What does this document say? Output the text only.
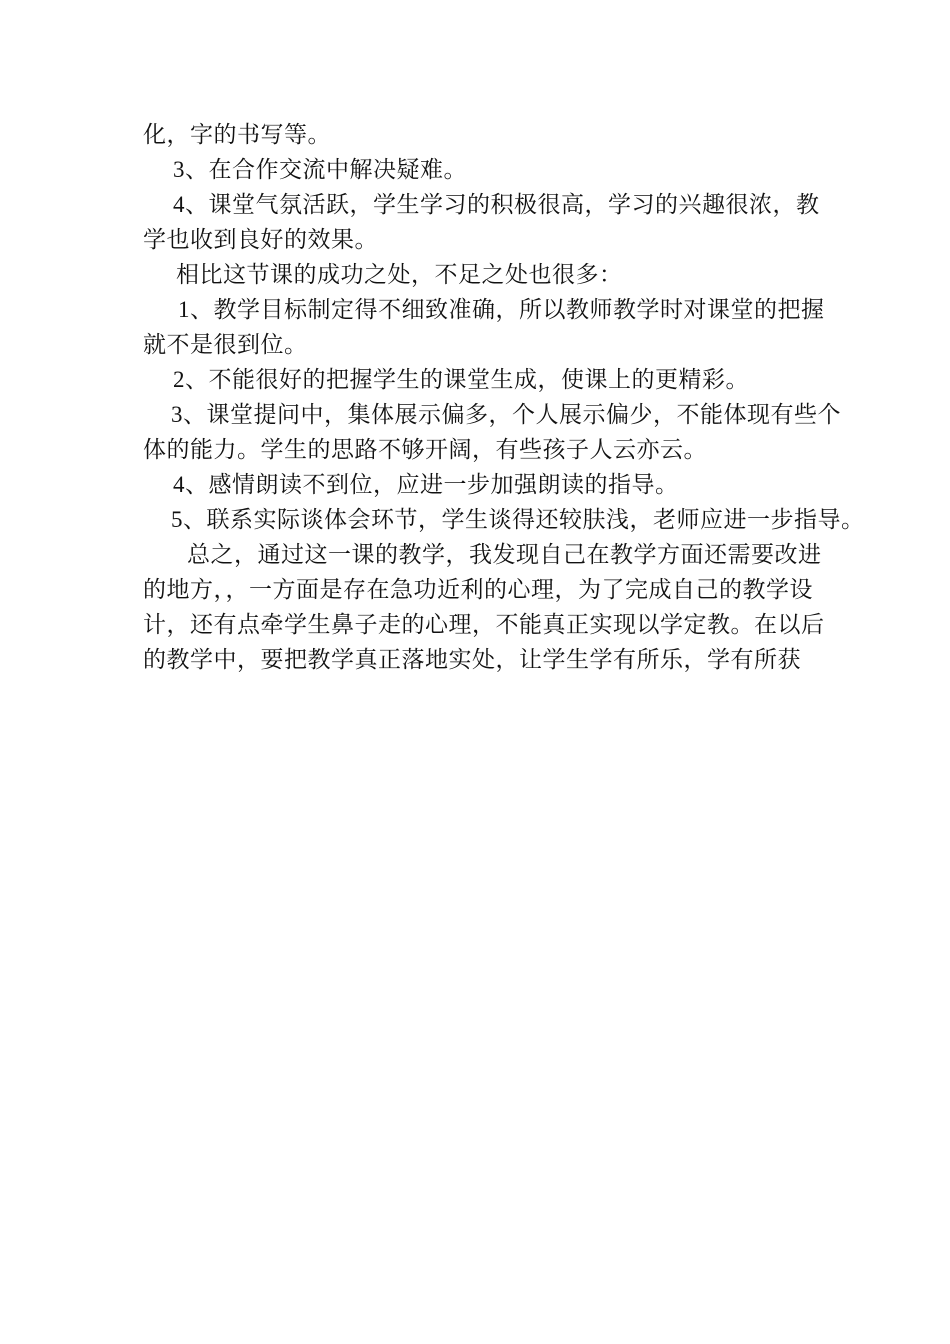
化，字的书写等。
3、在合作交流中解决疑难。
4、课堂气氛活跃，学生学习的积极很高，学习的兴趣很浓，教
学也收到良好的效果。
相比这节课的成功之处，不足之处也很多：
1、教学目标制定得不细致准确，所以教师教学时对课堂的把握
就不是很到位。
2、不能很好的把握学生的课堂生成，使课上的更精彩。
3、课堂提问中，集体展示偏多，个人展示偏少，不能体现有些个
体的能力。学生的思路不够开阔，有些孩子人云亦云。
4、感情朗读不到位，应进一步加强朗读的指导。
5、联系实际谈体会环节，学生谈得还较肤浅，老师应进一步指导。
总之，通过这一课的教学，我发现自己在教学方面还需要改进
的地方，，一方面是存在急功近利的心理，为了完成自己的教学设
计，还有点牵学生鼻子走的心理，不能真正实现以学定教。在以后
的教学中，要把教学真正落地实处，让学生学有所乐，学有所获
